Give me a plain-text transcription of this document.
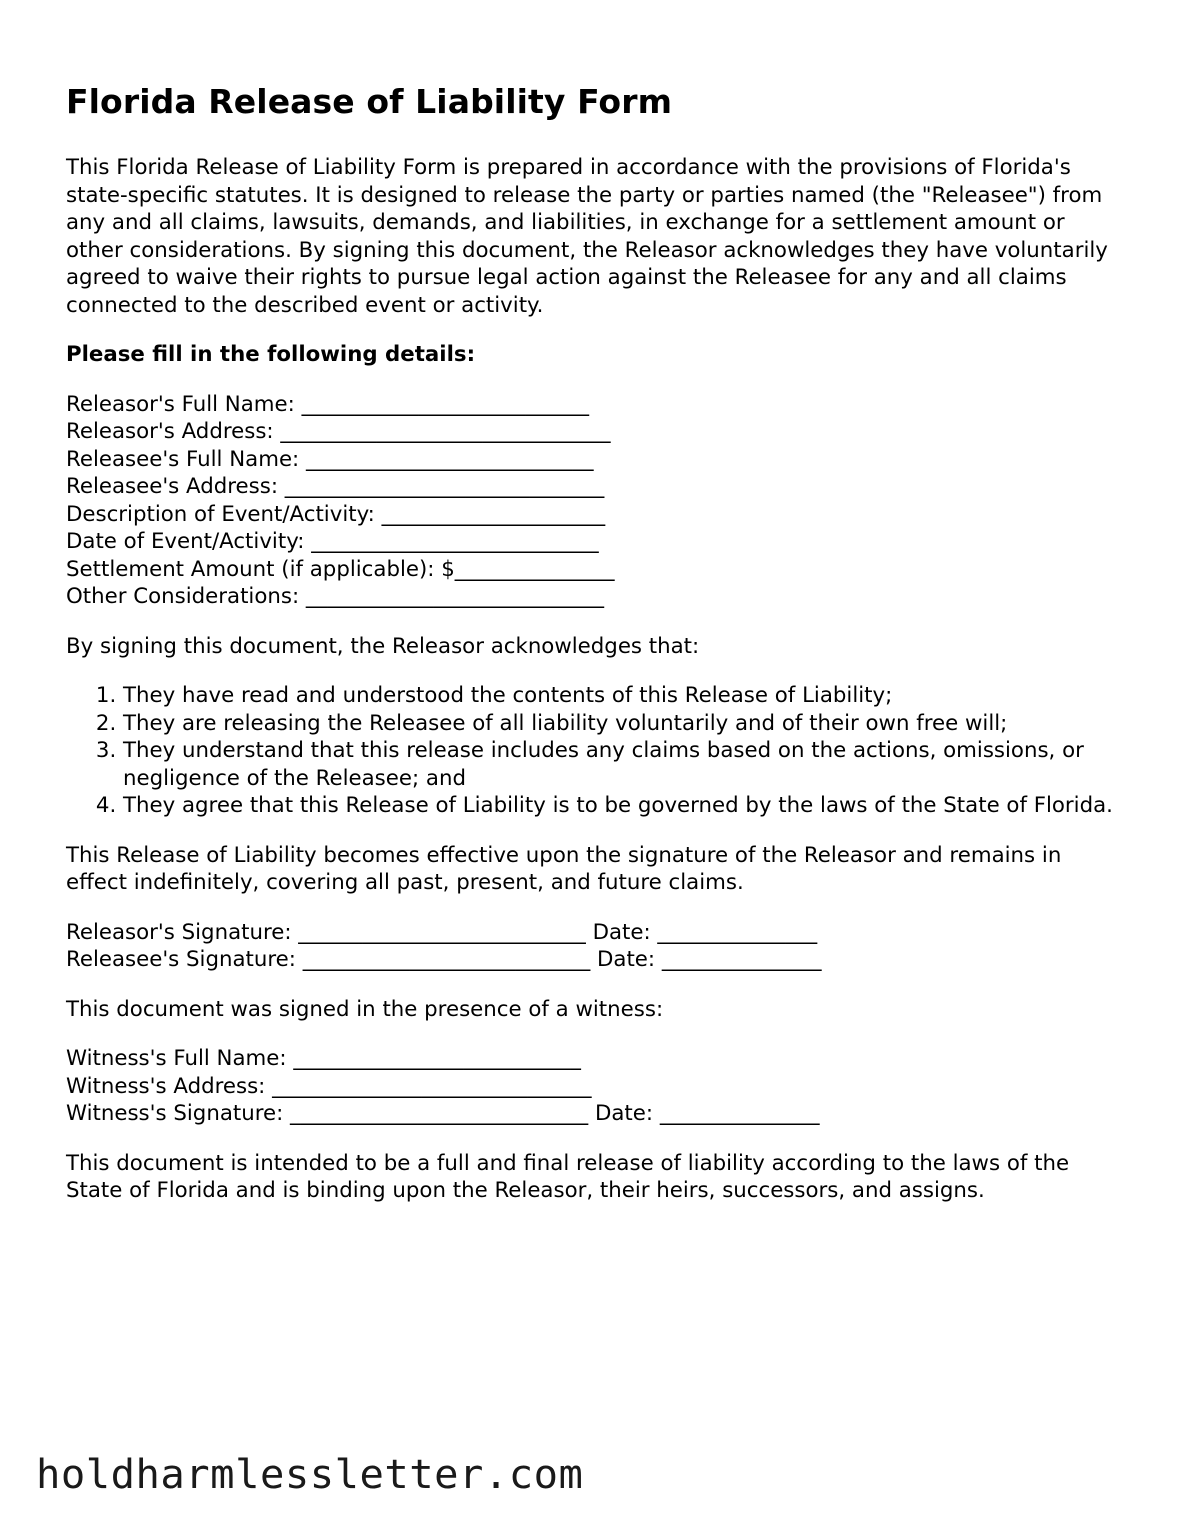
Florida Release of Liability Form

This Florida Release of Liability Form is prepared in accordance with the provisions of Florida's state-specific statutes. It is designed to release the party or parties named (the "Releasee") from any and all claims, lawsuits, demands, and liabilities, in exchange for a settlement amount or other considerations. By signing this document, the Releasor acknowledges they have voluntarily agreed to waive their rights to pursue legal action against the Releasee for any and all claims connected to the described event or activity.

Please fill in the following details:

Releasor's Full Name: ___________________________
Releasor's Address: _______________________________
Releasee's Full Name: ___________________________
Releasee's Address: ______________________________
Description of Event/Activity: _____________________
Date of Event/Activity: ___________________________
Settlement Amount (if applicable): $_______________
Other Considerations: ____________________________

By signing this document, the Releasor acknowledges that:

1. They have read and understood the contents of this Release of Liability;
2. They are releasing the Releasee of all liability voluntarily and of their own free will;
3. They understand that this release includes any claims based on the actions, omissions, or negligence of the Releasee; and
4. They agree that this Release of Liability is to be governed by the laws of the State of Florida.

This Release of Liability becomes effective upon the signature of the Releasor and remains in effect indefinitely, covering all past, present, and future claims.

Releasor's Signature: ___________________________ Date: _______________
Releasee's Signature: ___________________________ Date: _______________

This document was signed in the presence of a witness:

Witness's Full Name: ___________________________
Witness's Address: ______________________________
Witness's Signature: ____________________________ Date: _______________

This document is intended to be a full and final release of liability according to the laws of the State of Florida and is binding upon the Releasor, their heirs, successors, and assigns.

holdharmlessletter.com
